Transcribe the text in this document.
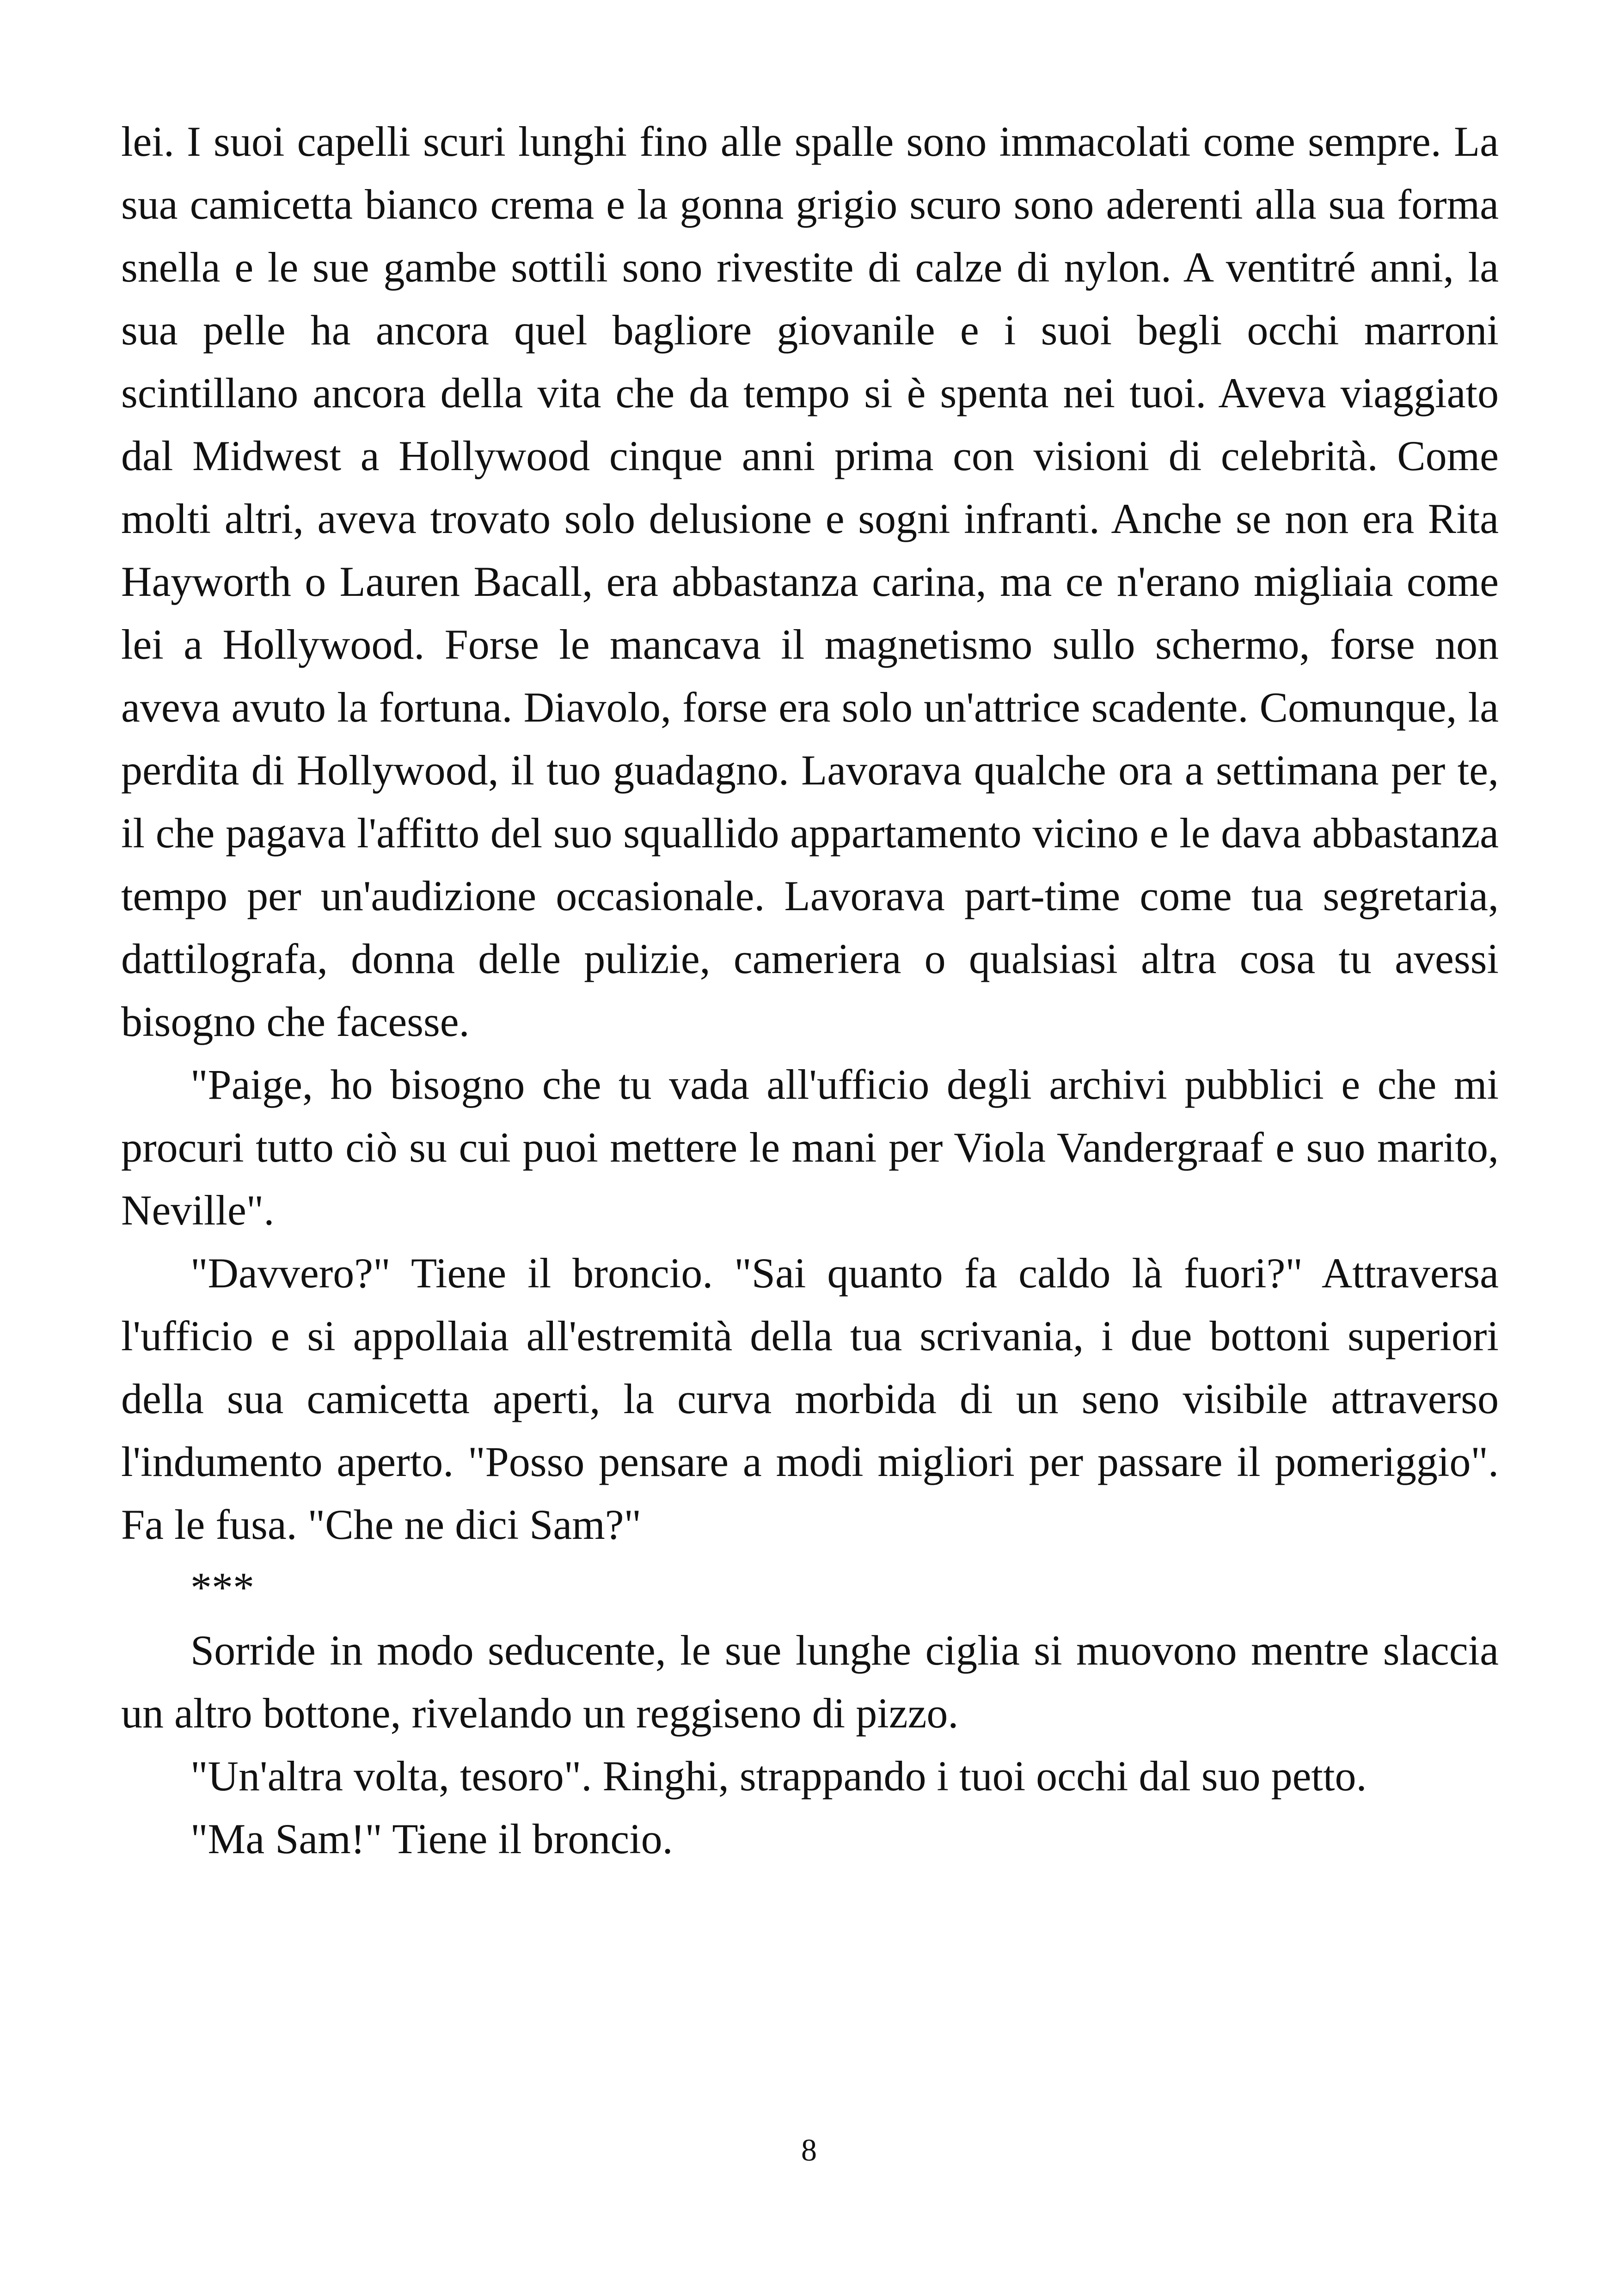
lei. I suoi capelli scuri lunghi fino alle spalle sono immacolati come sempre. La sua camicetta bianco crema e la gonna grigio scuro sono aderenti alla sua forma snella e le sue gambe sottili sono rivestite di calze di nylon. A ventitré anni, la sua pelle ha ancora quel bagliore giovanile e i suoi begli occhi marroni scintillano ancora della vita che da tempo si è spenta nei tuoi. Aveva viaggiato dal Midwest a Hollywood cinque anni prima con visioni di celebrità. Come molti altri, aveva trovato solo delusione e sogni infranti. Anche se non era Rita Hayworth o Lauren Bacall, era abbastanza carina, ma ce n'erano migliaia come lei a Hollywood. Forse le mancava il magnetismo sullo schermo, forse non aveva avuto la fortuna. Diavolo, forse era solo un'attrice scadente. Comunque, la perdita di Hollywood, il tuo guadagno. Lavorava qualche ora a settimana per te, il che pagava l'affitto del suo squallido appartamento vicino e le dava abbastanza tempo per un'audizione occasionale. Lavorava part-time come tua segretaria, dattilografa, donna delle pulizie, cameriera o qualsiasi altra cosa tu avessi bisogno che facesse.

"Paige, ho bisogno che tu vada all'ufficio degli archivi pubblici e che mi procuri tutto ciò su cui puoi mettere le mani per Viola Vandergraaf e suo marito, Neville".

"Davvero?" Tiene il broncio. "Sai quanto fa caldo là fuori?" Attraversa l'ufficio e si appollaia all'estremità della tua scrivania, i due bottoni superiori della sua camicetta aperti, la curva morbida di un seno visibile attraverso l'indumento aperto. "Posso pensare a modi migliori per passare il pomeriggio". Fa le fusa. "Che ne dici Sam?"

***

Sorride in modo seducente, le sue lunghe ciglia si muovono mentre slaccia un altro bottone, rivelando un reggiseno di pizzo.

"Un'altra volta, tesoro". Ringhi, strappando i tuoi occhi dal suo petto.

"Ma Sam!" Tiene il broncio.

8
